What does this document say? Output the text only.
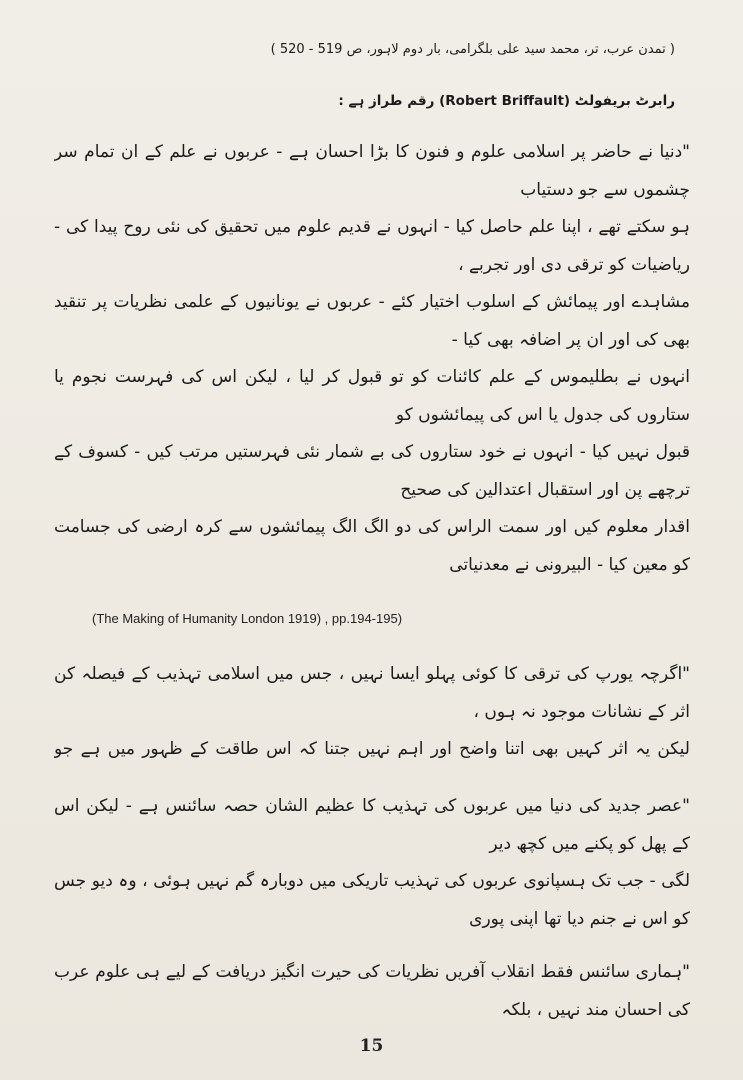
( تمدن عرب، تر، محمد سید علی بلگرامی، بار دوم لاہور، ص 519 - 520 )
رابرٹ بریفولٹ (Robert Briffault) رقم طراز ہے :

"دنیا نے حاضر پر اسلامی علوم و فنون کا بڑا احسان ہے - عربوں نے علم کے ان تمام سر چشموں سے جو دستیاب

ہو سکتے تھے ، اپنا علم حاصل کیا - انہوں نے قدیم علوم میں تحقیق کی نئی روح پیدا کی - ریاضیات کو ترقی دی اور تجربے ،

مشاہدے اور پیمائش کے اسلوب اختیار کئے - عربوں نے یونانیوں کے علمی نظریات پر تنقید بھی کی اور ان پر اضافہ بھی کیا -

انہوں نے بطلیموس کے علم کائنات کو تو قبول کر لیا ، لیکن اس کی فہرست نجوم یا ستاروں کی جدول یا اس کی پیمائشوں کو

قبول نہیں کیا - انہوں نے خود ستاروں کی بے شمار نئی فہرستیں مرتب کیں - کسوف کے ترچھے پن اور استقبال اعتدالین کی صحیح

اقدار معلوم کیں اور سمت الراس کی دو الگ الگ پیمائشوں سے کرہ ارضی کی جسامت کو معین کیا - البیرونی نے معدنیاتی

(The Making of Humanity London 1919) , pp.194-195)

"اگرچہ یورپ کی ترقی کا کوئی پہلو ایسا نہیں ، جس میں اسلامی تہذیب کے فیصلہ کن اثر کے نشانات موجود نہ ہوں ،

لیکن یہ اثر کہیں بھی اتنا واضح اور اہم نہیں جتنا کہ اس طاقت کے ظہور میں ہے جو

"عصر جدید کی دنیا میں عربوں کی تہذیب کا عظیم الشان حصہ سائنس ہے - لیکن اس کے پھل کو پکنے میں کچھ دیر

لگی - جب تک ہسپانوی عربوں کی تہذیب تاریکی میں دوبارہ گم نہیں ہوئی ، وہ دیو جس کو اس نے جنم دیا تھا اپنی پوری

"ہماری سائنس فقط انقلاب آفریں نظریات کی حیرت انگیز دریافت کے لیے ہی علوم عرب کی احسان مند نہیں ، بلکہ

15
